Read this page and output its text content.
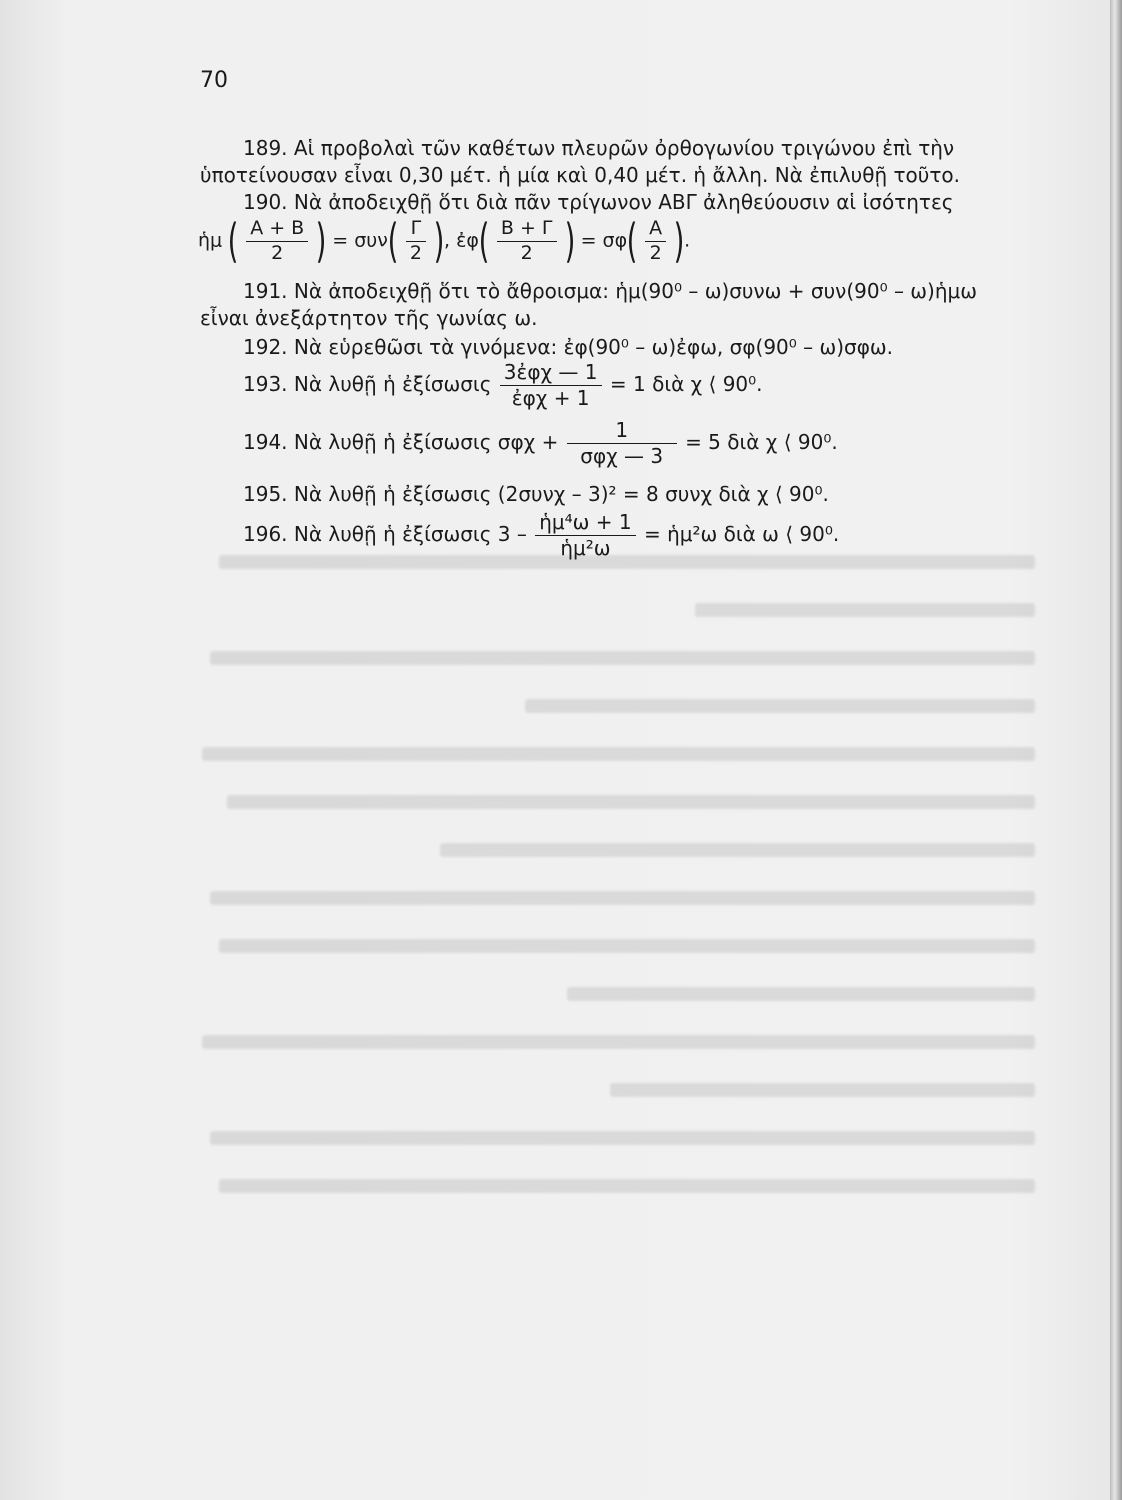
70
189. Αἱ προβολαὶ τῶν καθέτων πλευρῶν ὀρθογωνίου τριγώνου ἐπὶ τὴν
ὑποτείνουσαν εἶναι 0,30 μέτ. ἡ μία καὶ 0,40 μέτ. ἡ ἄλλη. Νὰ ἐπιλυθῇ τοῦτο.
190. Νὰ ἀποδειχθῇ ὅτι διὰ πᾶν τρίγωνον ΑΒΓ ἀληθεύουσιν αἱ ἰσότητες
ἡμ ( $\frac{A + B}{2}$ ) = $\sigma\upsilon\nu( \frac{\Gamma}{2}$ ), ἐφ( $\frac{B + \Gamma}{2}$ ) = $\sigma\varphi( \frac{A}{2}$ ).
191. Νὰ ἀποδειχθῇ ὅτι τὸ ἄθροισμα: ἡμ(90⁰ – ω)συνω + συν(90⁰ – ω)ἡμω
εἶναι ἀνεξάρτητον τῆς γωνίας ω.
192. Νὰ εὑρεθῶσι τὰ γινόμενα: ἐφ(90⁰ – ω)ἐφω, σφ(90⁰ – ω)σφω.
193. Νὰ λυθῇ ἡ ἐξίσωσις $\frac{\text{3ἐφχ — 1}}{\text{ἐφχ + 1}} = 1$ διὰ χ ⟨ 90⁰.
194. Νὰ λυθῇ ἡ ἐξίσωσις $\sigma\varphi\chi + \frac{1}{\text{σφχ — 3}} = 5$ διὰ χ ⟨ 90⁰.
195. Νὰ λυθῇ ἡ ἐξίσωσις (2συνχ – 3)² = 8 συνχ διὰ χ ⟨ 90⁰.
196. Νὰ λυθῇ ἡ ἐξίσωσις $3 - \frac{\text{ἡμ⁴ω + 1}}{\text{ἡμ²ω}}$ = ἡμ²ω διὰ ω ⟨ 90⁰.
